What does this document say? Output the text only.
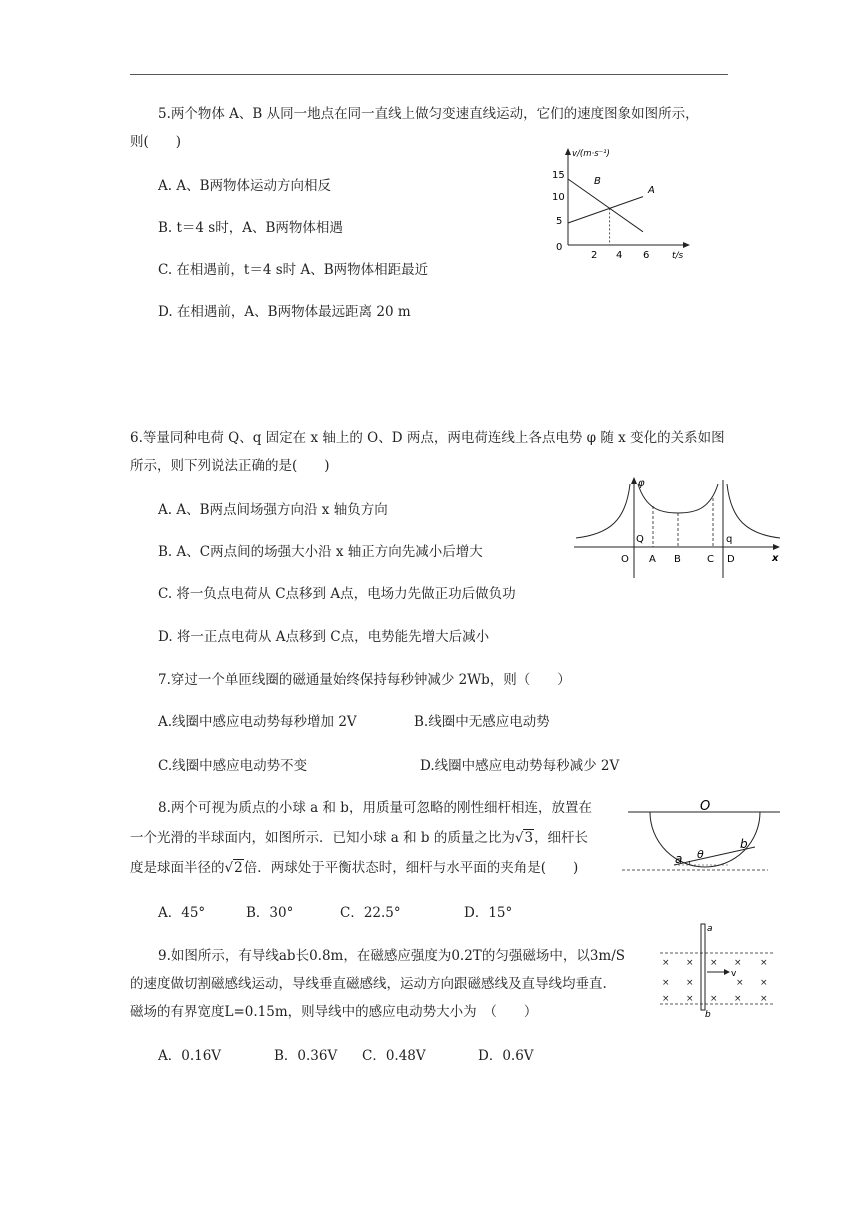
5.两个物体 A、B 从同一地点在同一直线上做匀变速直线运动，它们的速度图象如图所示，
则(　　)
A. A、B两物体运动方向相反
B. t＝4 s时，A、B两物体相遇
C. 在相遇前，t＝4 s时 A、B两物体相距最近
D. 在相遇前，A、B两物体最远距离 20 m
v/(m·s⁻¹)
t/s
15
10
5
0
2 4 6
A
B
6.等量同种电荷 Q、q 固定在 x 轴上的 O、D 两点，两电荷连线上各点电势 φ 随 x 变化的关系如图
所示，则下列说法正确的是(　　)
A. A、B两点间场强方向沿 x 轴负方向
B. A、C两点间的场强大小沿 x 轴正方向先减小后增大
C. 将一负点电荷从 C点移到 A点，电场力先做正功后做负功
D. 将一正点电荷从 A点移到 C点，电势能先增大后减小
φ
x
Q	q
O A B	C D
7.穿过一个单匝线圈的磁通量始终保持每秒钟减少 2Wb，则（　　）
A.线圈中感应电动势每秒增加 2V	B.线圈中无感应电动势
C.线圈中感应电动势不变	D.线圈中感应电动势每秒减少 2V
8.两个可视为质点的小球 a 和 b，用质量可忽略的刚性细杆相连，放置在
一个光滑的半球面内，如图所示．已知小球 a 和 b 的质量之比为√3，细杆长
度是球面半径的√2倍．两球处于平衡状态时，细杆与水平面的夹角是(　　)
A．45°	B．30°	C．22.5°	D．15°
O
a θ
b
9.如图所示，有导线ab长0.8m，在磁感应强度为0.2T的匀强磁场中，以3m/S
的速度做切割磁感线运动，导线垂直磁感线，运动方向跟磁感线及直导线均垂直.
磁场的有界宽度L=0.15m，则导线中的感应电动势大小为　（　　）
A．0.16V	B．0.36V C．0.48V	D．0.6V
v
a
b
× × × × ×
× ×	× ×
× × × × ×
